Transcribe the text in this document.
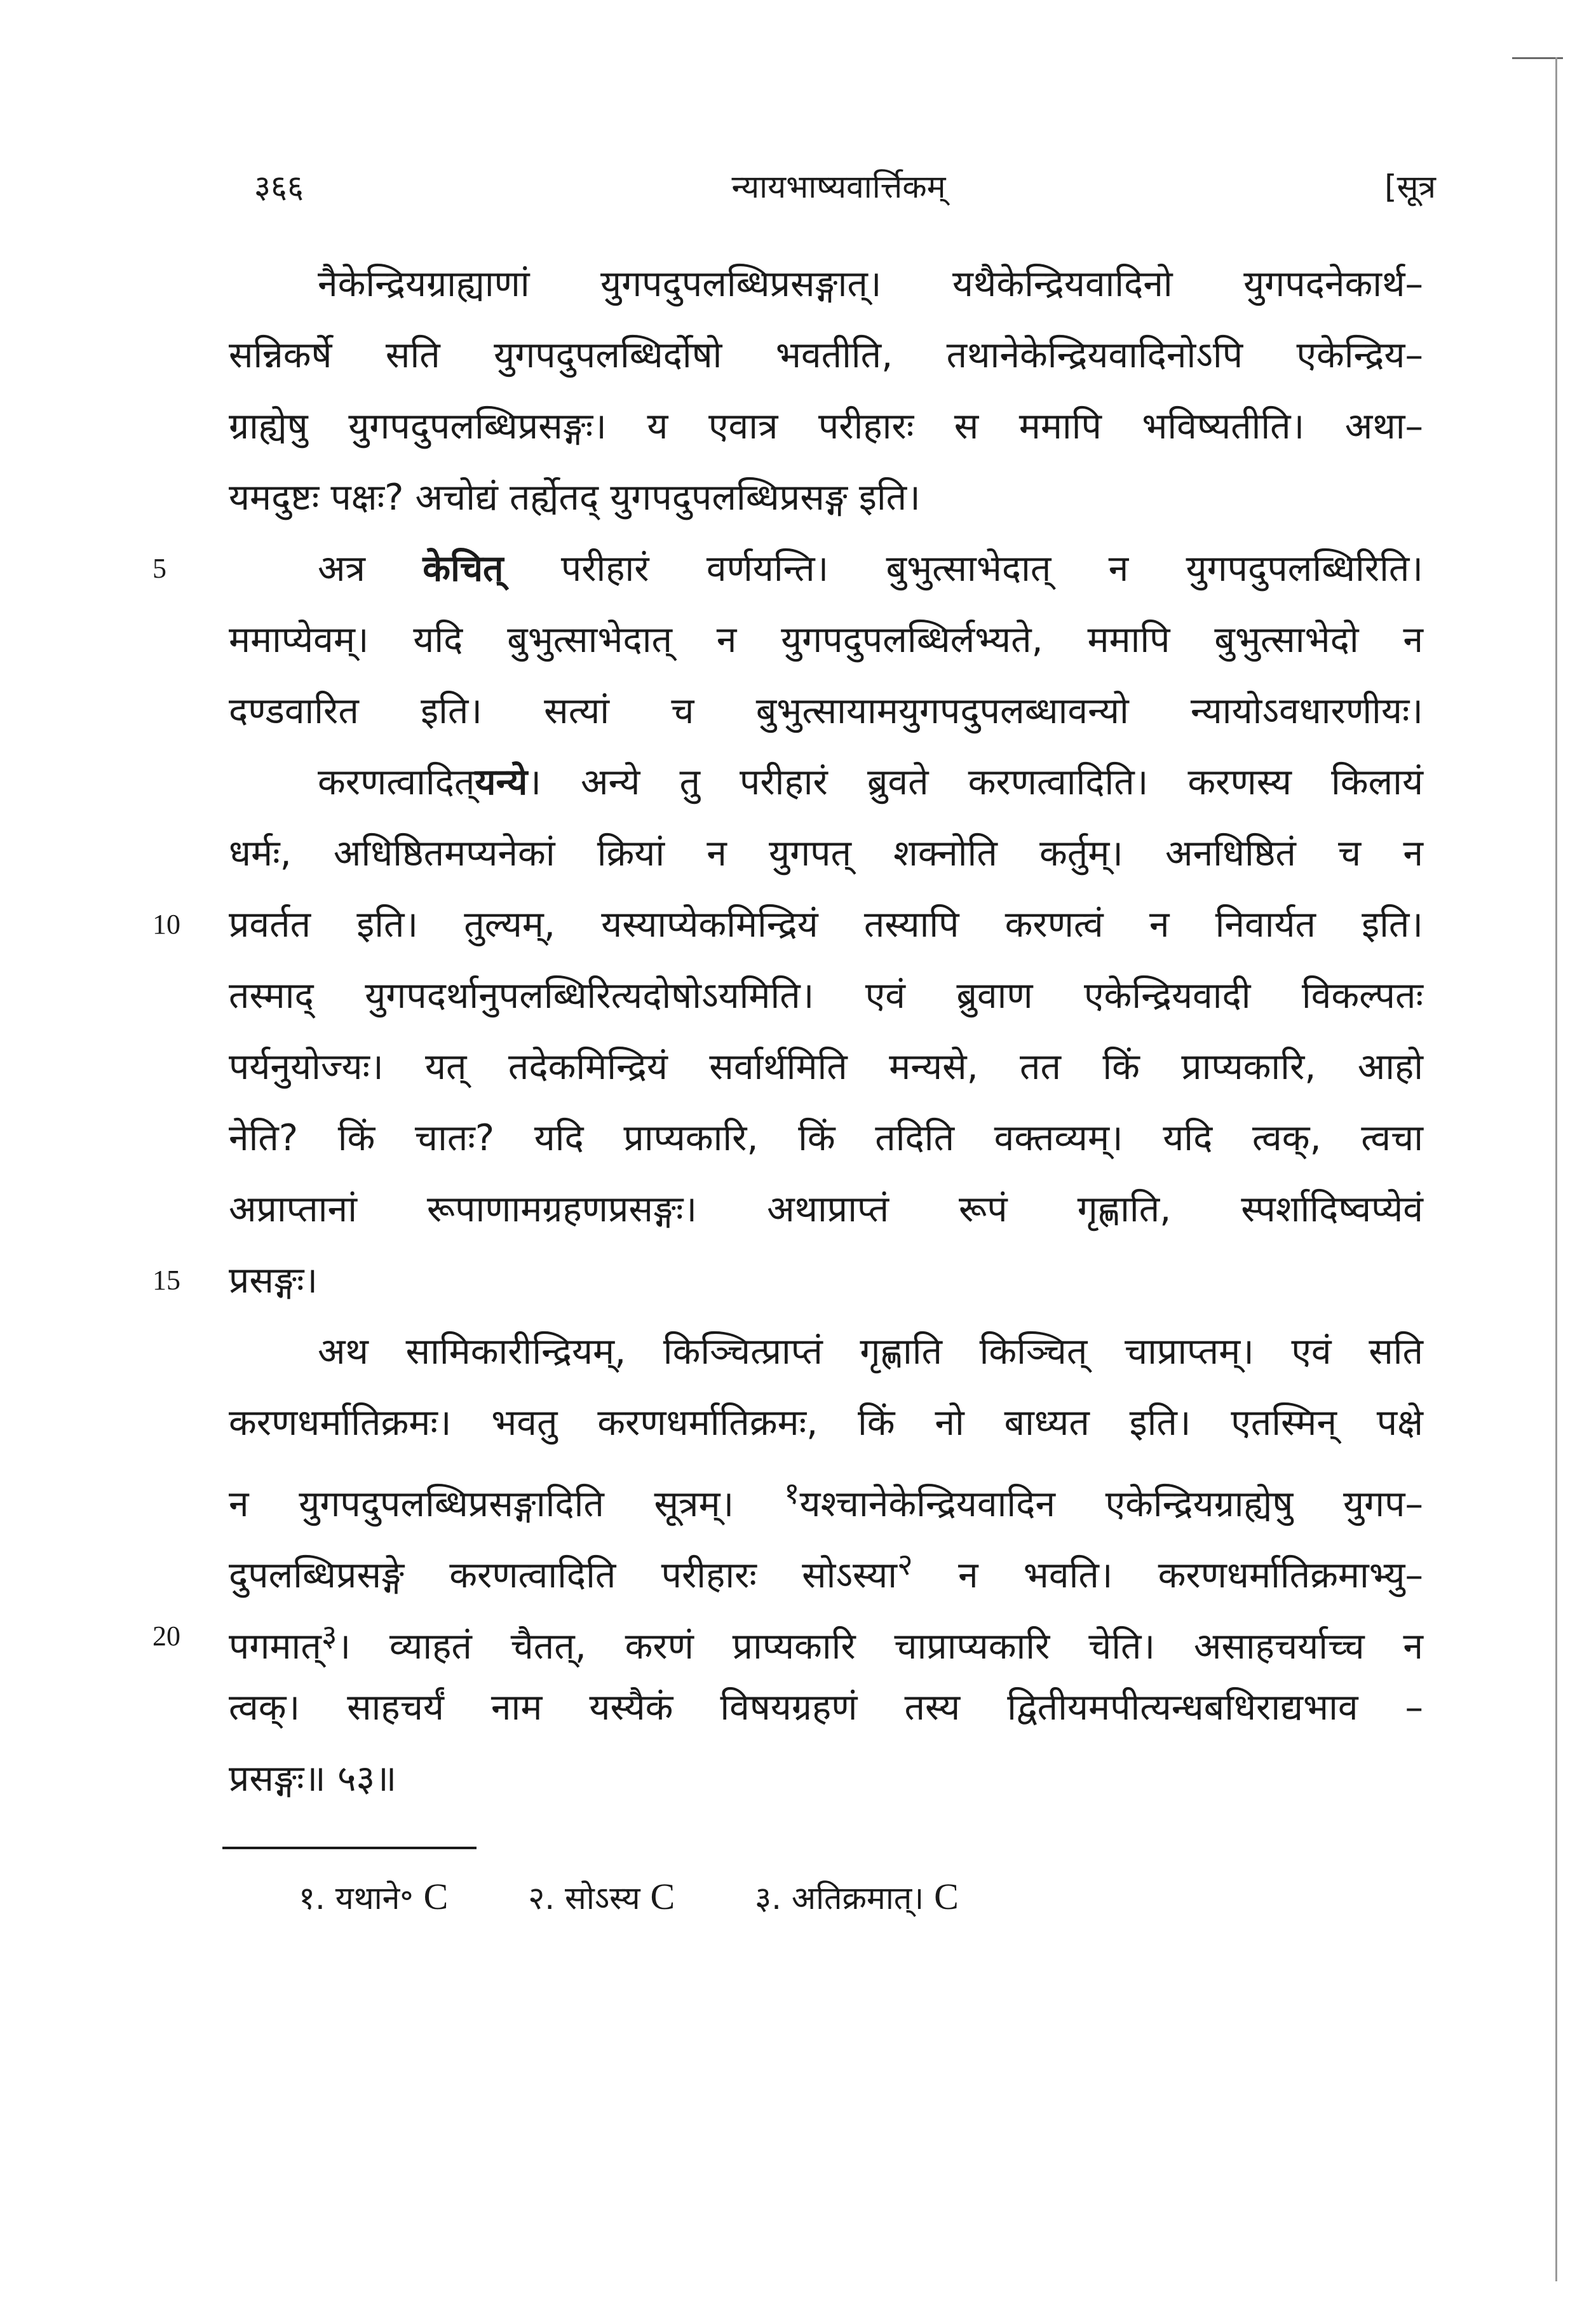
३६६	न्यायभाष्यवार्त्तिकम्	[सूत्र
नैकेन्द्रियग्राह्याणां युगपदुपलब्धिप्रसङ्गात्। यथैकेन्द्रियवादिनो युगपदनेकार्थ–
सन्निकर्षे सति युगपदुपलब्धिर्दोषो भवतीति, तथानेकेन्द्रियवादिनोऽपि एकेन्द्रिय–
ग्राह्येषु युगपदुपलब्धिप्रसङ्गः। य एवात्र परीहारः स ममापि भविष्यतीति। अथा–
यमदुष्टः पक्षः? अचोद्यं तर्ह्येतद् युगपदुपलब्धिप्रसङ्ग इति।
5	अत्र केचित् परीहारं वर्णयन्ति। बुभुत्साभेदात् न युगपदुपलब्धिरिति।
ममाप्येवम्। यदि बुभुत्साभेदात् न युगपदुपलब्धिर्लभ्यते, ममापि बुभुत्साभेदो न
दण्डवारित इति। सत्यां च बुभुत्सायामयुगपदुपलब्धावन्यो न्यायोऽवधारणीयः।
करणत्वादित्यन्ये। अन्ये तु परीहारं ब्रुवते करणत्वादिति। करणस्य किलायं
धर्मः, अधिष्ठितमप्यनेकां क्रियां न युगपत् शक्नोति कर्तुम्। अनधिष्ठितं च न
10 प्रवर्तत इति। तुल्यम्, यस्याप्येकमिन्द्रियं तस्यापि करणत्वं न निवार्यत इति।
तस्माद् युगपदर्थानुपलब्धिरित्यदोषोऽयमिति। एवं ब्रुवाण एकेन्द्रियवादी विकल्पतः
पर्यनुयोज्यः। यत् तदेकमिन्द्रियं सर्वार्थमिति मन्यसे, तत किं प्राप्यकारि, आहो
नेति? किं चातः? यदि प्राप्यकारि, किं तदिति वक्तव्यम्। यदि त्वक्, त्वचा
अप्राप्तानां रूपाणामग्रहणप्रसङ्गः। अथाप्राप्तं रूपं गृह्णाति, स्पर्शादिष्वप्येवं
15 प्रसङ्गः।
अथ सामिकारीन्द्रियम्, किञ्चित्प्राप्तं गृह्णाति किञ्चित् चाप्राप्तम्। एवं सति
करणधर्मातिक्रमः। भवतु करणधर्मातिक्रमः, किं नो बाध्यत इति। एतस्मिन् पक्षे
न युगपदुपलब्धिप्रसङ्गादिति सूत्रम्। $^१$यश्चानेकेन्द्रियवादिन एकेन्द्रियग्राह्येषु युगप–
दुपलब्धिप्रसङ्गे करणत्वादिति परीहारः सोऽस्या$^२$ न भवति। करणधर्मातिक्रमाभ्यु–
20 पगमात्$^३$। व्याहतं चैतत्, करणं प्राप्यकारि चाप्राप्यकारि चेति। असाहचर्याच्च न
त्वक्। साहचर्यं नाम यस्यैकं विषयग्रहणं तस्य द्वितीयमपीत्यन्धबधिराद्यभाव –
प्रसङ्गः॥ ५३॥
१. यथाने॰ C	२. सोऽस्य C	३. अतिक्रमात्। C
